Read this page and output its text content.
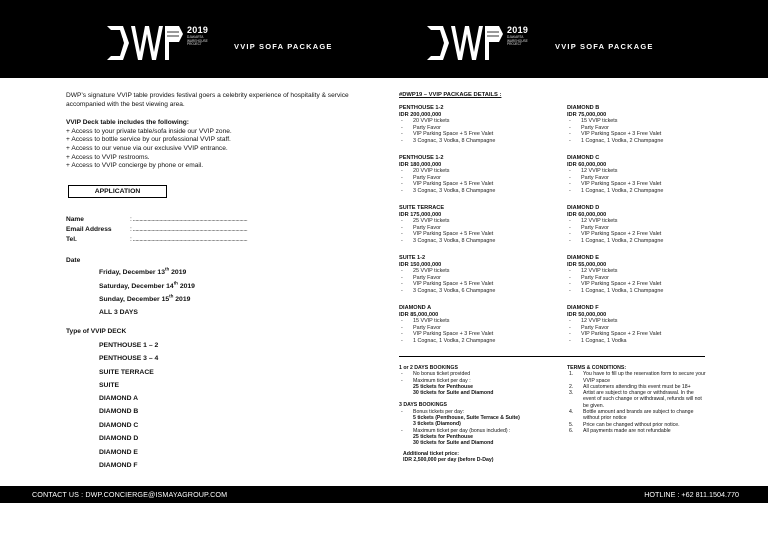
2019
DJAKARTA WAREHOUSE PROJECT	VVIP SOFA PACKAGE
2019
DJAKARTA WAREHOUSE PROJECT	VVIP SOFA PACKAGE
DWP’s signature VVIP table provides festival goers a celebrity experience of hospitality & service accompanied with the best viewing area.
VVIP Deck table includes the following:
+ Access to your private table/sofa inside our VVIP zone.
+ Access to bottle service by our professional VVIP staff.
+ Access to our venue via our exclusive VVIP entrance.
+ Access to VVIP restrooms.
+ Access to VVIP concierge by phone or email.
APPLICATION
Name	: ......................................................................................
Email Address	: ......................................................................................
Tel.	: ......................................................................................
Date
Friday, December 13th 2019
Saturday, December 14th 2019
Sunday, December 15th 2019
ALL 3 DAYS
Type of VVIP DECK
PENTHOUSE 1 – 2
PENTHOUSE 3 – 4
SUITE TERRACE
SUITE
DIAMOND A
DIAMOND B
DIAMOND C
DIAMOND D
DIAMOND E
DIAMOND F
#DWP19 – VVIP PACKAGE DETAILS :
PENTHOUSE 1-2
IDR 200,000,000
- 20 VVIP tickets
- Party Favor
- VIP Parking Space + 5 Free Valet
- 3 Cognac, 3 Vodka, 8 Champagne
PENTHOUSE 1-2
IDR 180,000,000
- 20 VVIP tickets
- Party Favor
- VIP Parking Space + 5 Free Valet
- 3 Cognac, 3 Vodka, 8 Champagne
SUITE TERRACE
IDR 175,000,000
- 25 VVIP tickets
- Party Favor
- VIP Parking Space + 5 Free Valet
- 3 Cognac, 3 Vodka, 8 Champagne
SUITE 1-2
IDR 150,000,000
- 25 VVIP tickets
- Party Favor
- VIP Parking Space + 5 Free Valet
- 3 Cognac, 3 Vodka, 6 Champagne
DIAMOND A
IDR 85,000,000
- 15 VVIP tickets
- Party Favor
- VIP Parking Space + 3 Free Valet
- 1 Cognac, 1 Vodka, 2 Champagne
DIAMOND B
IDR 75,000,000
- 15 VVIP tickets
- Party Favor
- VIP Parking Space + 3 Free Valet
- 1 Cognac, 1 Vodka, 2 Champagne
DIAMOND C
IDR 60,000,000
- 12 VVIP tickets
- Party Favor
- VIP Parking Space + 3 Free Valet
- 1 Cognac, 1 Vodka, 2 Champagne
DIAMOND D
IDR 60,000,000
- 12 VVIP tickets
- Party Favor
- VIP Parking Space + 2 Free Valet
- 1 Cognac, 1 Vodka, 2 Champagne
DIAMOND E
IDR 55,000,000
- 12 VVIP tickets
- Party Favor
- VIP Parking Space + 2 Free Valet
- 1 Cognac, 1 Vodka, 1 Champagne
DIAMOND F
IDR 50,000,000
- 12 VVIP tickets
- Party Favor
- VIP Parking Space + 2 Free Valet
- 1 Cognac, 1 Vodka
1 or 2 DAYS BOOKINGS
- No bonus ticket provided
- Maximum ticket per day :
25 tickets for Penthouse
30 tickets for Suite and Diamond
3 DAYS BOOKINGS
- Bonus tickets per day:
5 tickets (Penthouse, Suite Terrace & Suite)
3 tickets (Diamond)
- Maximum ticket per day (bonus included) :
25 tickets for Penthouse
30 tickets for Suite and Diamond
Additional ticket price:
IDR 2,500,000 per day (before D-Day)
TERMS & CONDITIONS:
1. You have to fill up the reservation form to secure your VVIP space
2. All customers attending this event must be 18+
3. Artist are subject to change or withdrawal. In the event of such change or withdrawal, refunds will not be given.
4. Bottle amount and brands are subject to change without prior notice
5. Price can be changed without prior notice.
6. All payments made are not refundable
CONTACT US : DWP.CONCIERGE@ISMAYAGROUP.COM	HOTLINE : +62 811.1504.770
